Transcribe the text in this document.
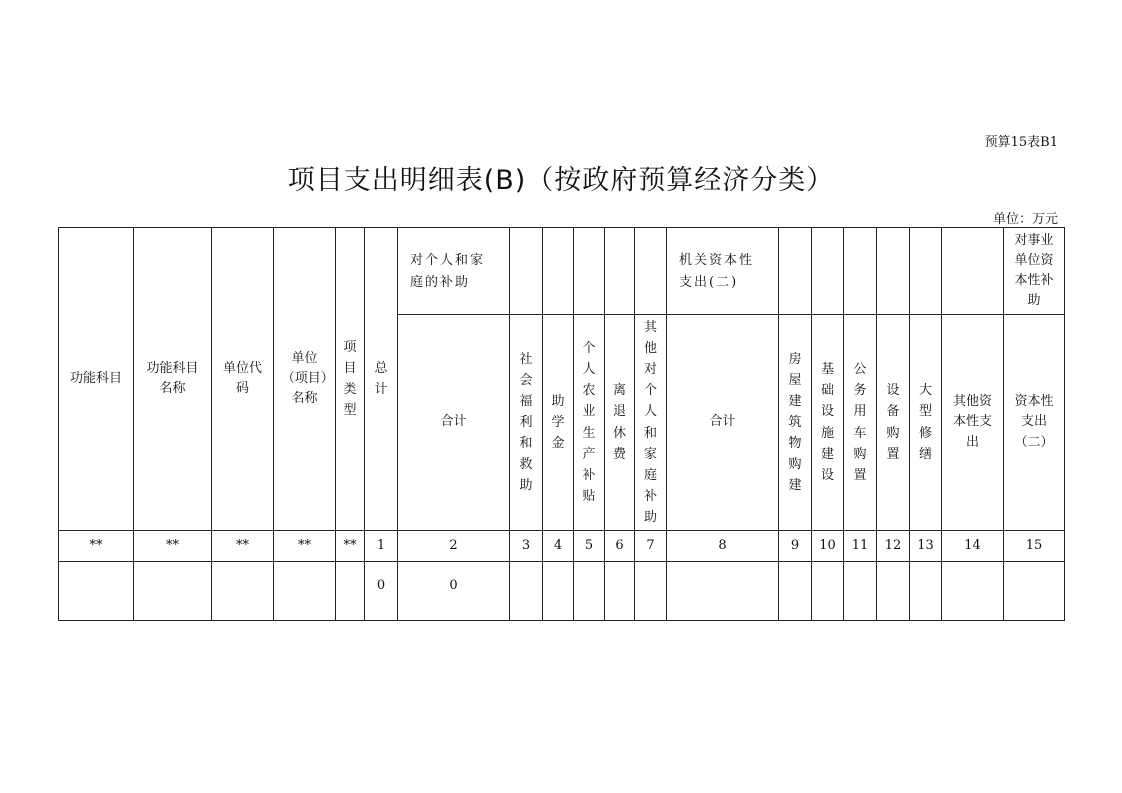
预算15表B1
项目支出明细表(B)（按政府预算经济分类）
单位：万元
功能科目	功能科目名称	单位代码	单位（项目）名称	项目类型	总计	对个人和家庭的补助						机关资本性支出(二)							对事业单位资本性补助

						合计	社会福利和救助	助学金	个人农业生产补贴	离退休费	其他对个人和家庭补助	合计	房屋建筑物购建	基础设施建设	公务用车购置	设备购置	大型修缮	其他资本性支出	资本性支出（二）

**	**	**	**	**	1	2	3	4	5	6	7	8	9	10	11	12	13	14	15
					0	0													
